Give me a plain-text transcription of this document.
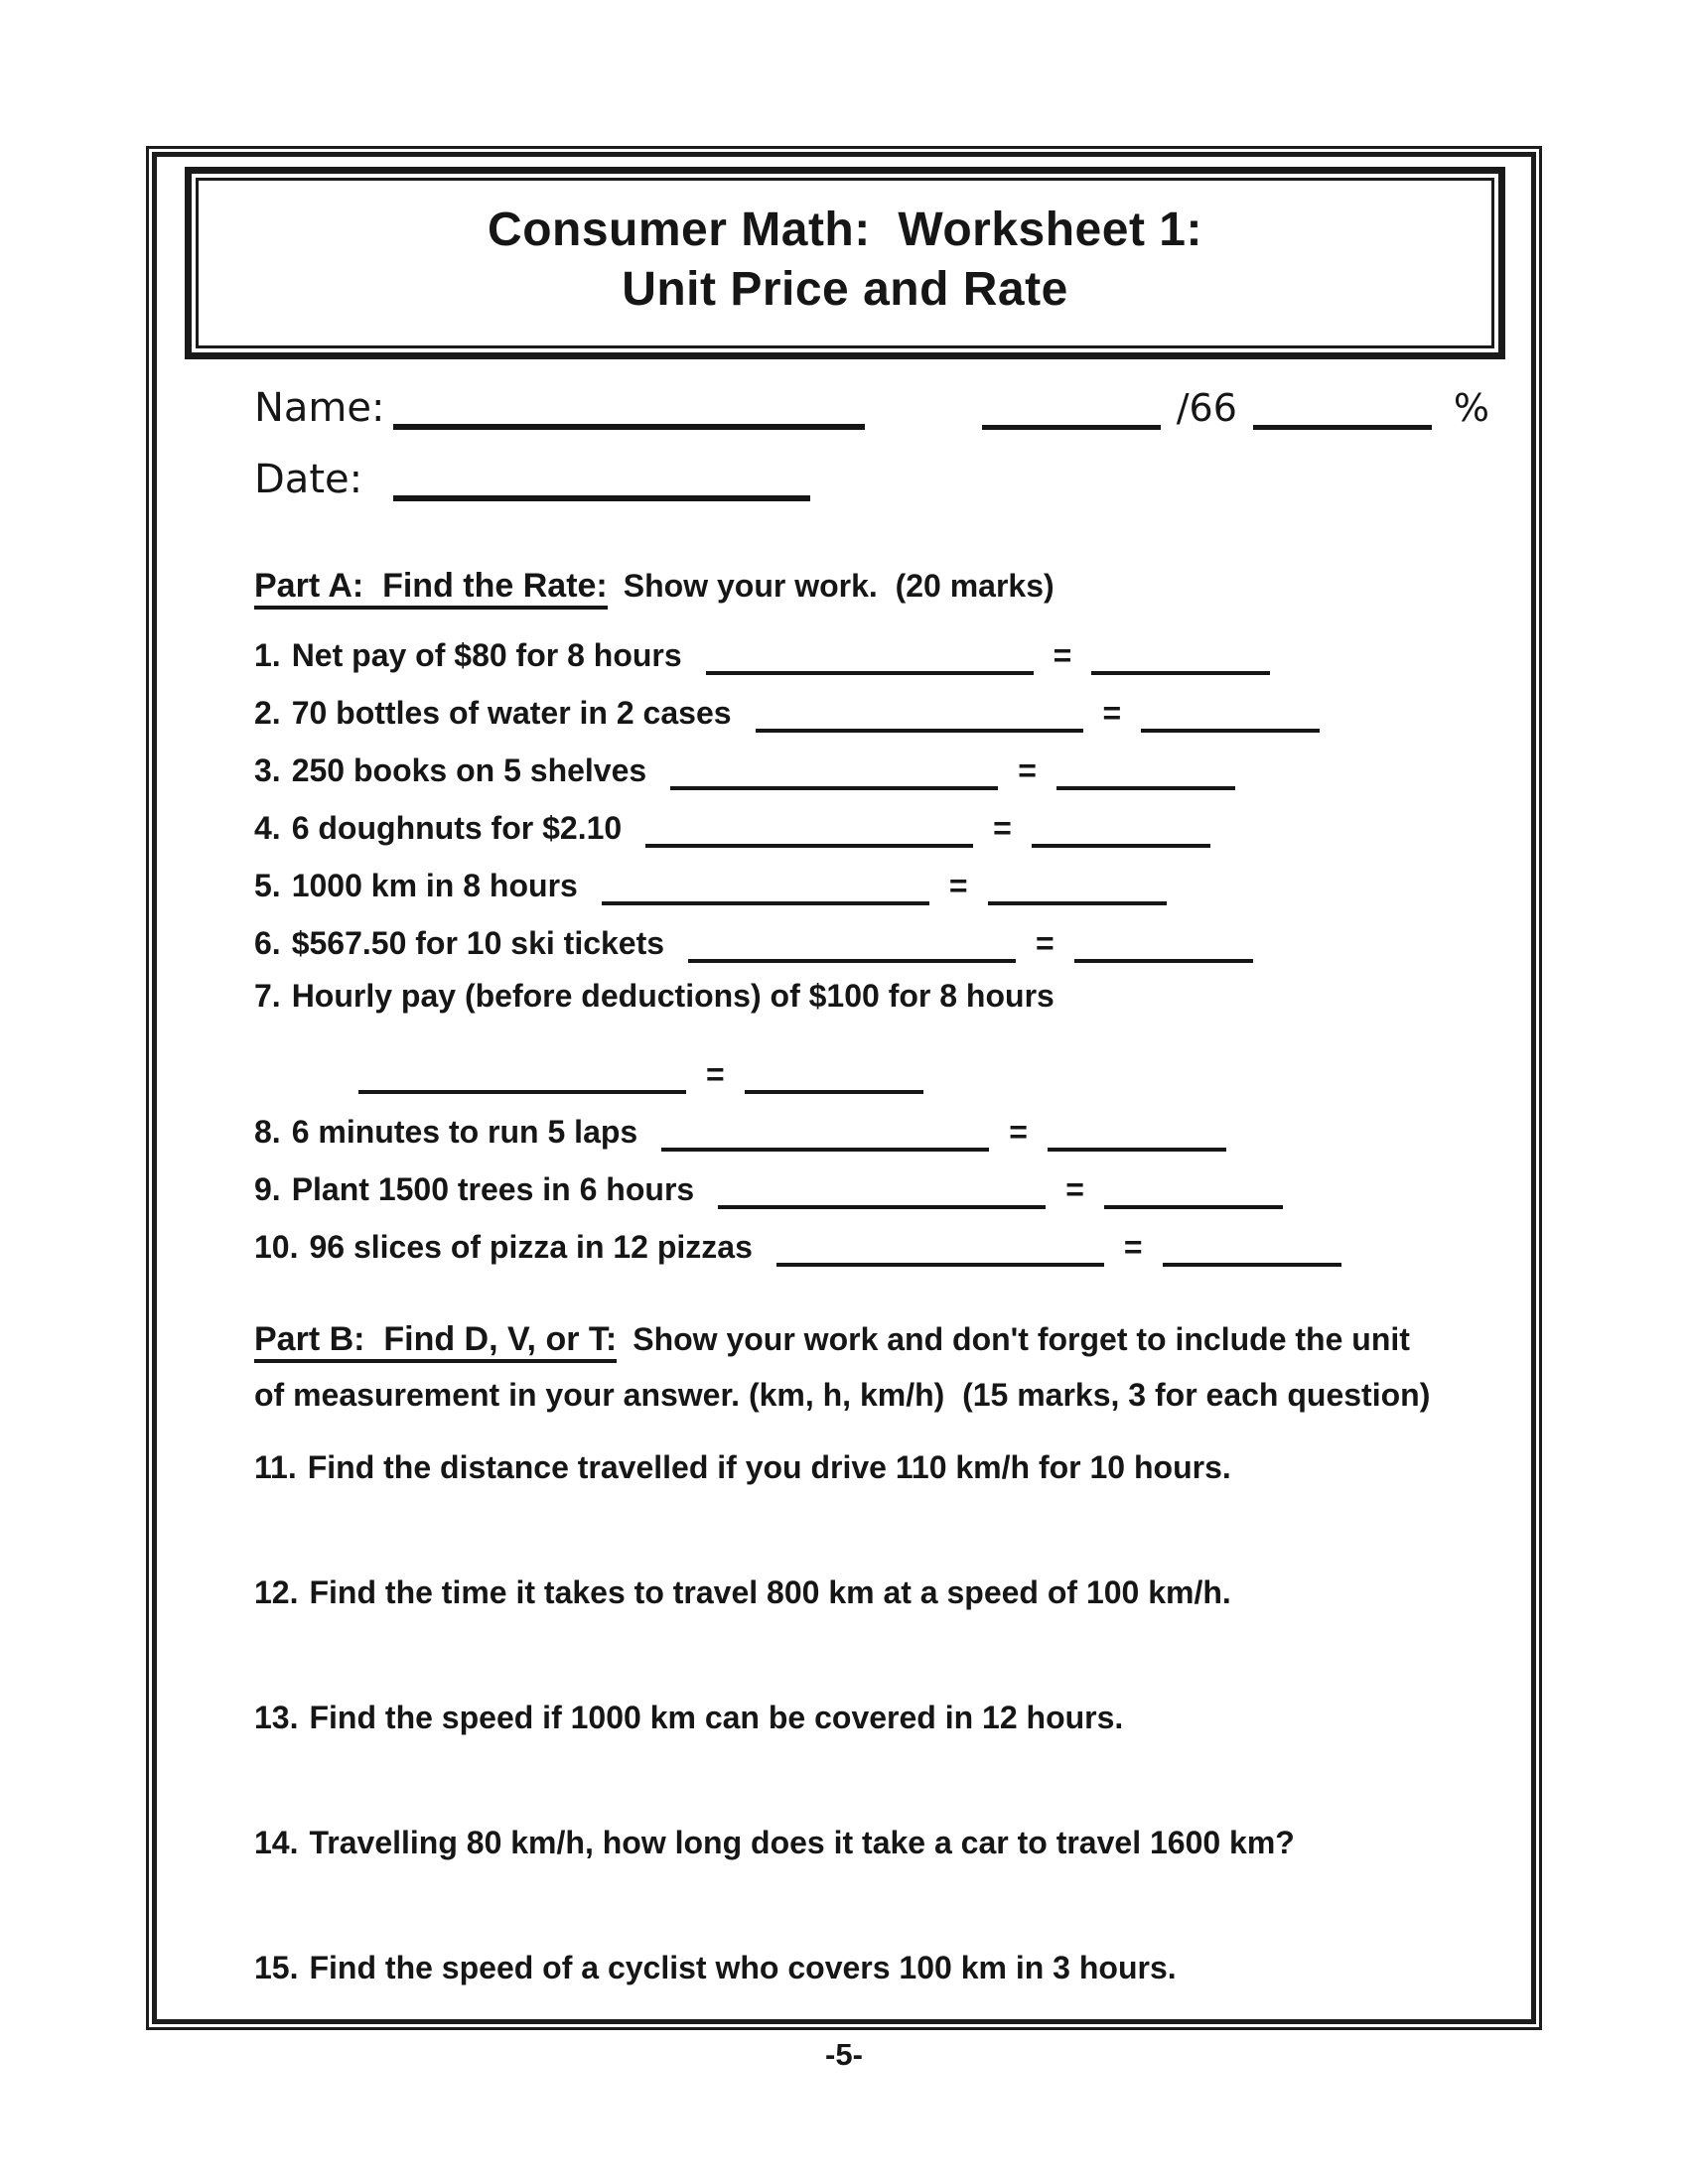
Consumer Math:  Worksheet 1:
Unit Price and Rate
Name:	/66	%
Date:
Part A:  Find the Rate: Show your work.  (20 marks)
1. Net pay of $80 for 8 hours	=
2. 70 bottles of water in 2 cases	=
3. 250 books on 5 shelves	=
4. 6 doughnuts for $2.10	=
5. 1000 km in 8 hours	=
6. $567.50 for 10 ski tickets	=
7. Hourly pay (before deductions) of $100 for 8 hours
=
8. 6 minutes to run 5 laps	=
9. Plant 1500 trees in 6 hours	=
10. 96 slices of pizza in 12 pizzas	=
Part B:  Find D, V, or T: Show your work and don't forget to include the unit
of measurement in your answer. (km, h, km/h)  (15 marks, 3 for each question)
11. Find the distance travelled if you drive 110 km/h for 10 hours.
12. Find the time it takes to travel 800 km at a speed of 100 km/h.
13. Find the speed if 1000 km can be covered in 12 hours.
14. Travelling 80 km/h, how long does it take a car to travel 1600 km?
15. Find the speed of a cyclist who covers 100 km in 3 hours.
-5-
